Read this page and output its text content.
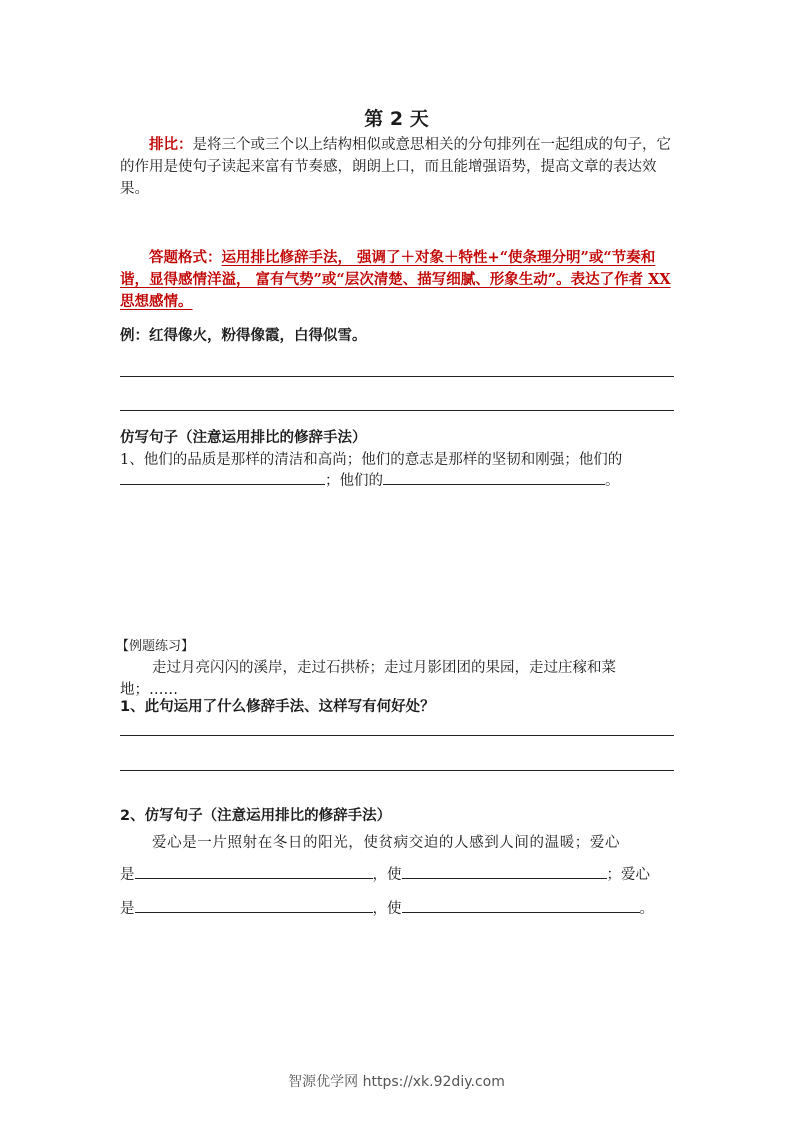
第 2 天
排比：是将三个或三个以上结构相似或意思相关的分句排列在一起组成的句子，它的作用是使句子读起来富有节奏感，朗朗上口，而且能增强语势，提高文章的表达效果。
答题格式：运用排比修辞手法， 强调了＋对象＋特性+“使条理分明”或“节奏和谐，显得感情洋溢， 富有气势”或“层次清楚、描写细腻、形象生动”。表达了作者 XX 思想感情。
例：红得像火，粉得像霞，白得似雪。
仿写句子（注意运用排比的修辞手法）
1、他们的品质是那样的清洁和高尚；他们的意志是那样的坚韧和刚强；他们的
；他们的	。
【例题练习】
走过月亮闪闪的溪岸，走过石拱桥；走过月影团团的果园，走过庄稼和菜
地；……
1、此句运用了什么修辞手法、这样写有何好处？
2、仿写句子（注意运用排比的修辞手法）
爱心是一片照射在冬日的阳光，使贫病交迫的人感到人间的温暖；爱心
是	，使	；爱心
是	，使	。
智源优学网 https://xk.92diy.com
